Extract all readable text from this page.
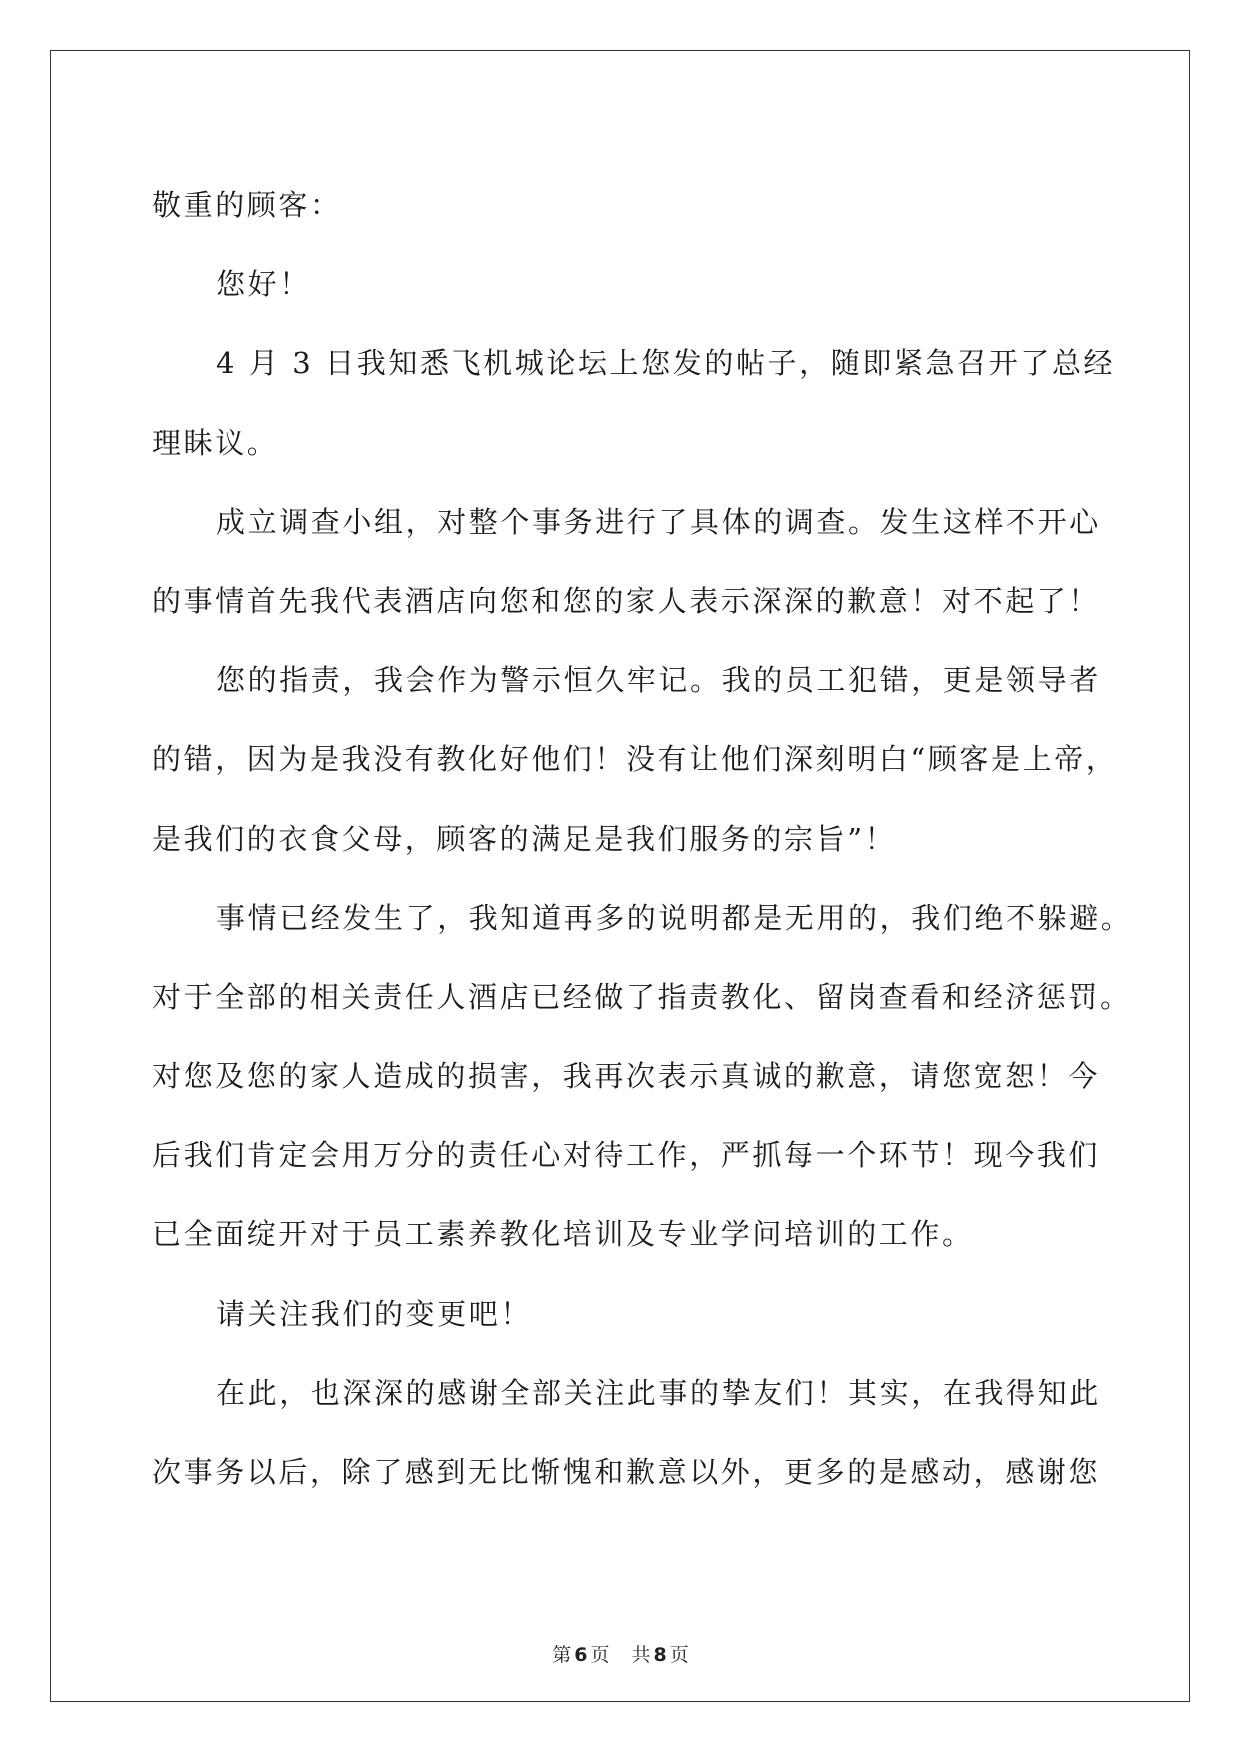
敬重的顾客：
您好！
4 月 3 日我知悉飞机城论坛上您发的帖子，随即紧急召开了总经
理眛议。
成立调查小组，对整个事务进行了具体的调查。发生这样不开心
的事情首先我代表酒店向您和您的家人表示深深的歉意！对不起了！
您的指责，我会作为警示恒久牢记。我的员工犯错，更是领导者
的错，因为是我没有教化好他们！没有让他们深刻明白“顾客是上帝，
是我们的衣食父母，顾客的满足是我们服务的宗旨”！
事情已经发生了，我知道再多的说明都是无用的，我们绝不躲避。
对于全部的相关责任人酒店已经做了指责教化、留岗查看和经济惩罚。
对您及您的家人造成的损害，我再次表示真诚的歉意，请您宽恕！今
后我们肯定会用万分的责任心对待工作，严抓每一个环节！现今我们
已全面绽开对于员工素养教化培训及专业学问培训的工作。
请关注我们的变更吧！
在此，也深深的感谢全部关注此事的挚友们！其实，在我得知此
次事务以后，除了感到无比惭愧和歉意以外，更多的是感动，感谢您
第 6 页 共 8 页
